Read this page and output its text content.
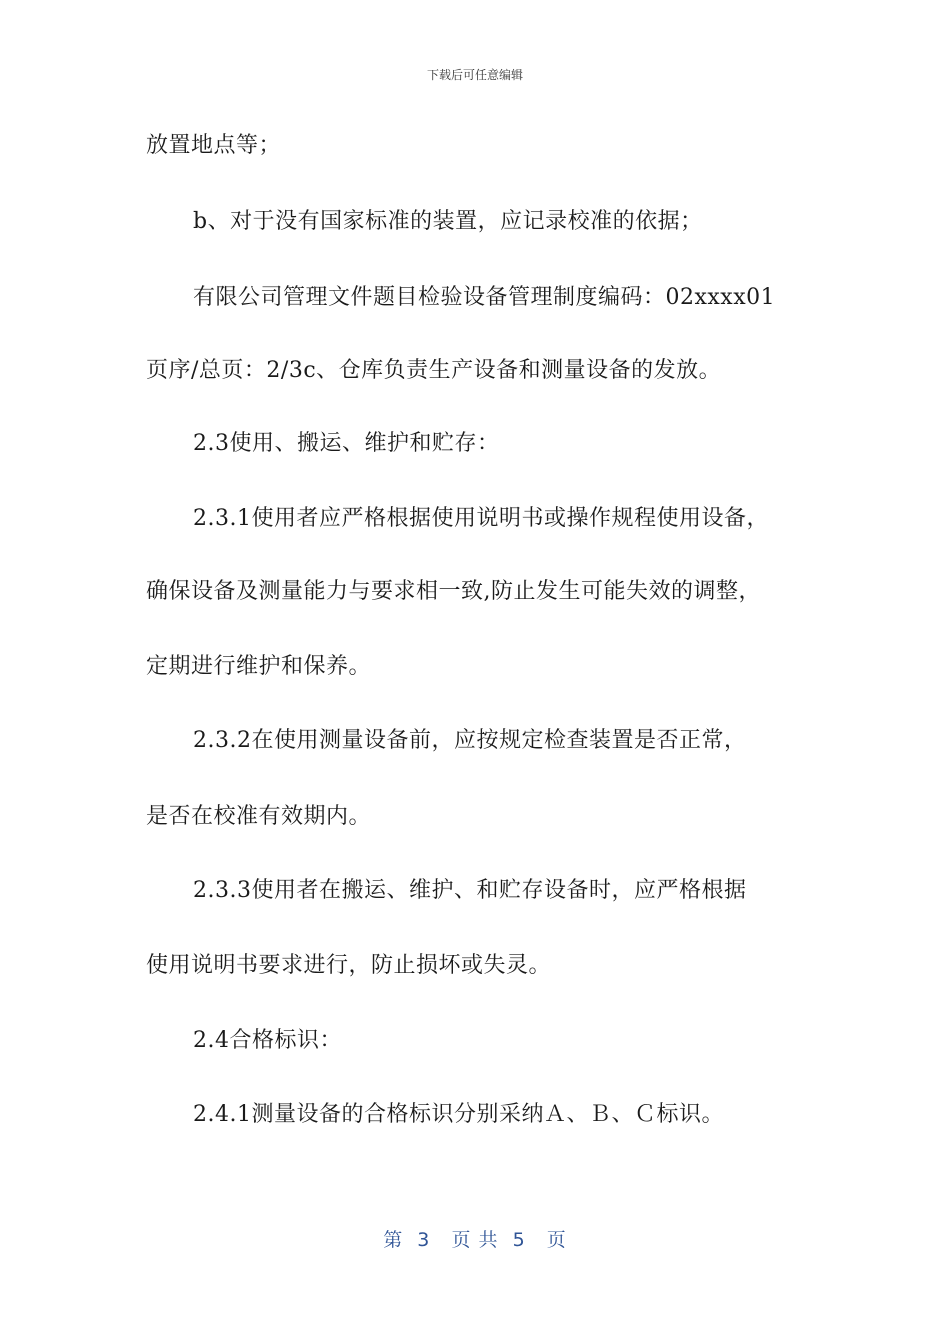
下载后可任意编辑
放置地点等；
b、对于没有国家标准的装置，应记录校准的依据；
有限公司管理文件题目检验设备管理制度编码：02xxxx01
页序/总页：2/3c、仓库负责生产设备和测量设备的发放。
2.3使用、搬运、维护和贮存：
2.3.1使用者应严格根据使用说明书或操作规程使用设备，
确保设备及测量能力与要求相一致,防止发生可能失效的调整，
定期进行维护和保养。
2.3.2在使用测量设备前，应按规定检查装置是否正常，
是否在校准有效期内。
2.3.3使用者在搬运、维护、和贮存设备时，应严格根据
使用说明书要求进行，防止损坏或失灵。
2.4合格标识：
2.4.1测量设备的合格标识分别采纳Ａ、Ｂ、Ｃ标识。
第  3   页 共  5   页
